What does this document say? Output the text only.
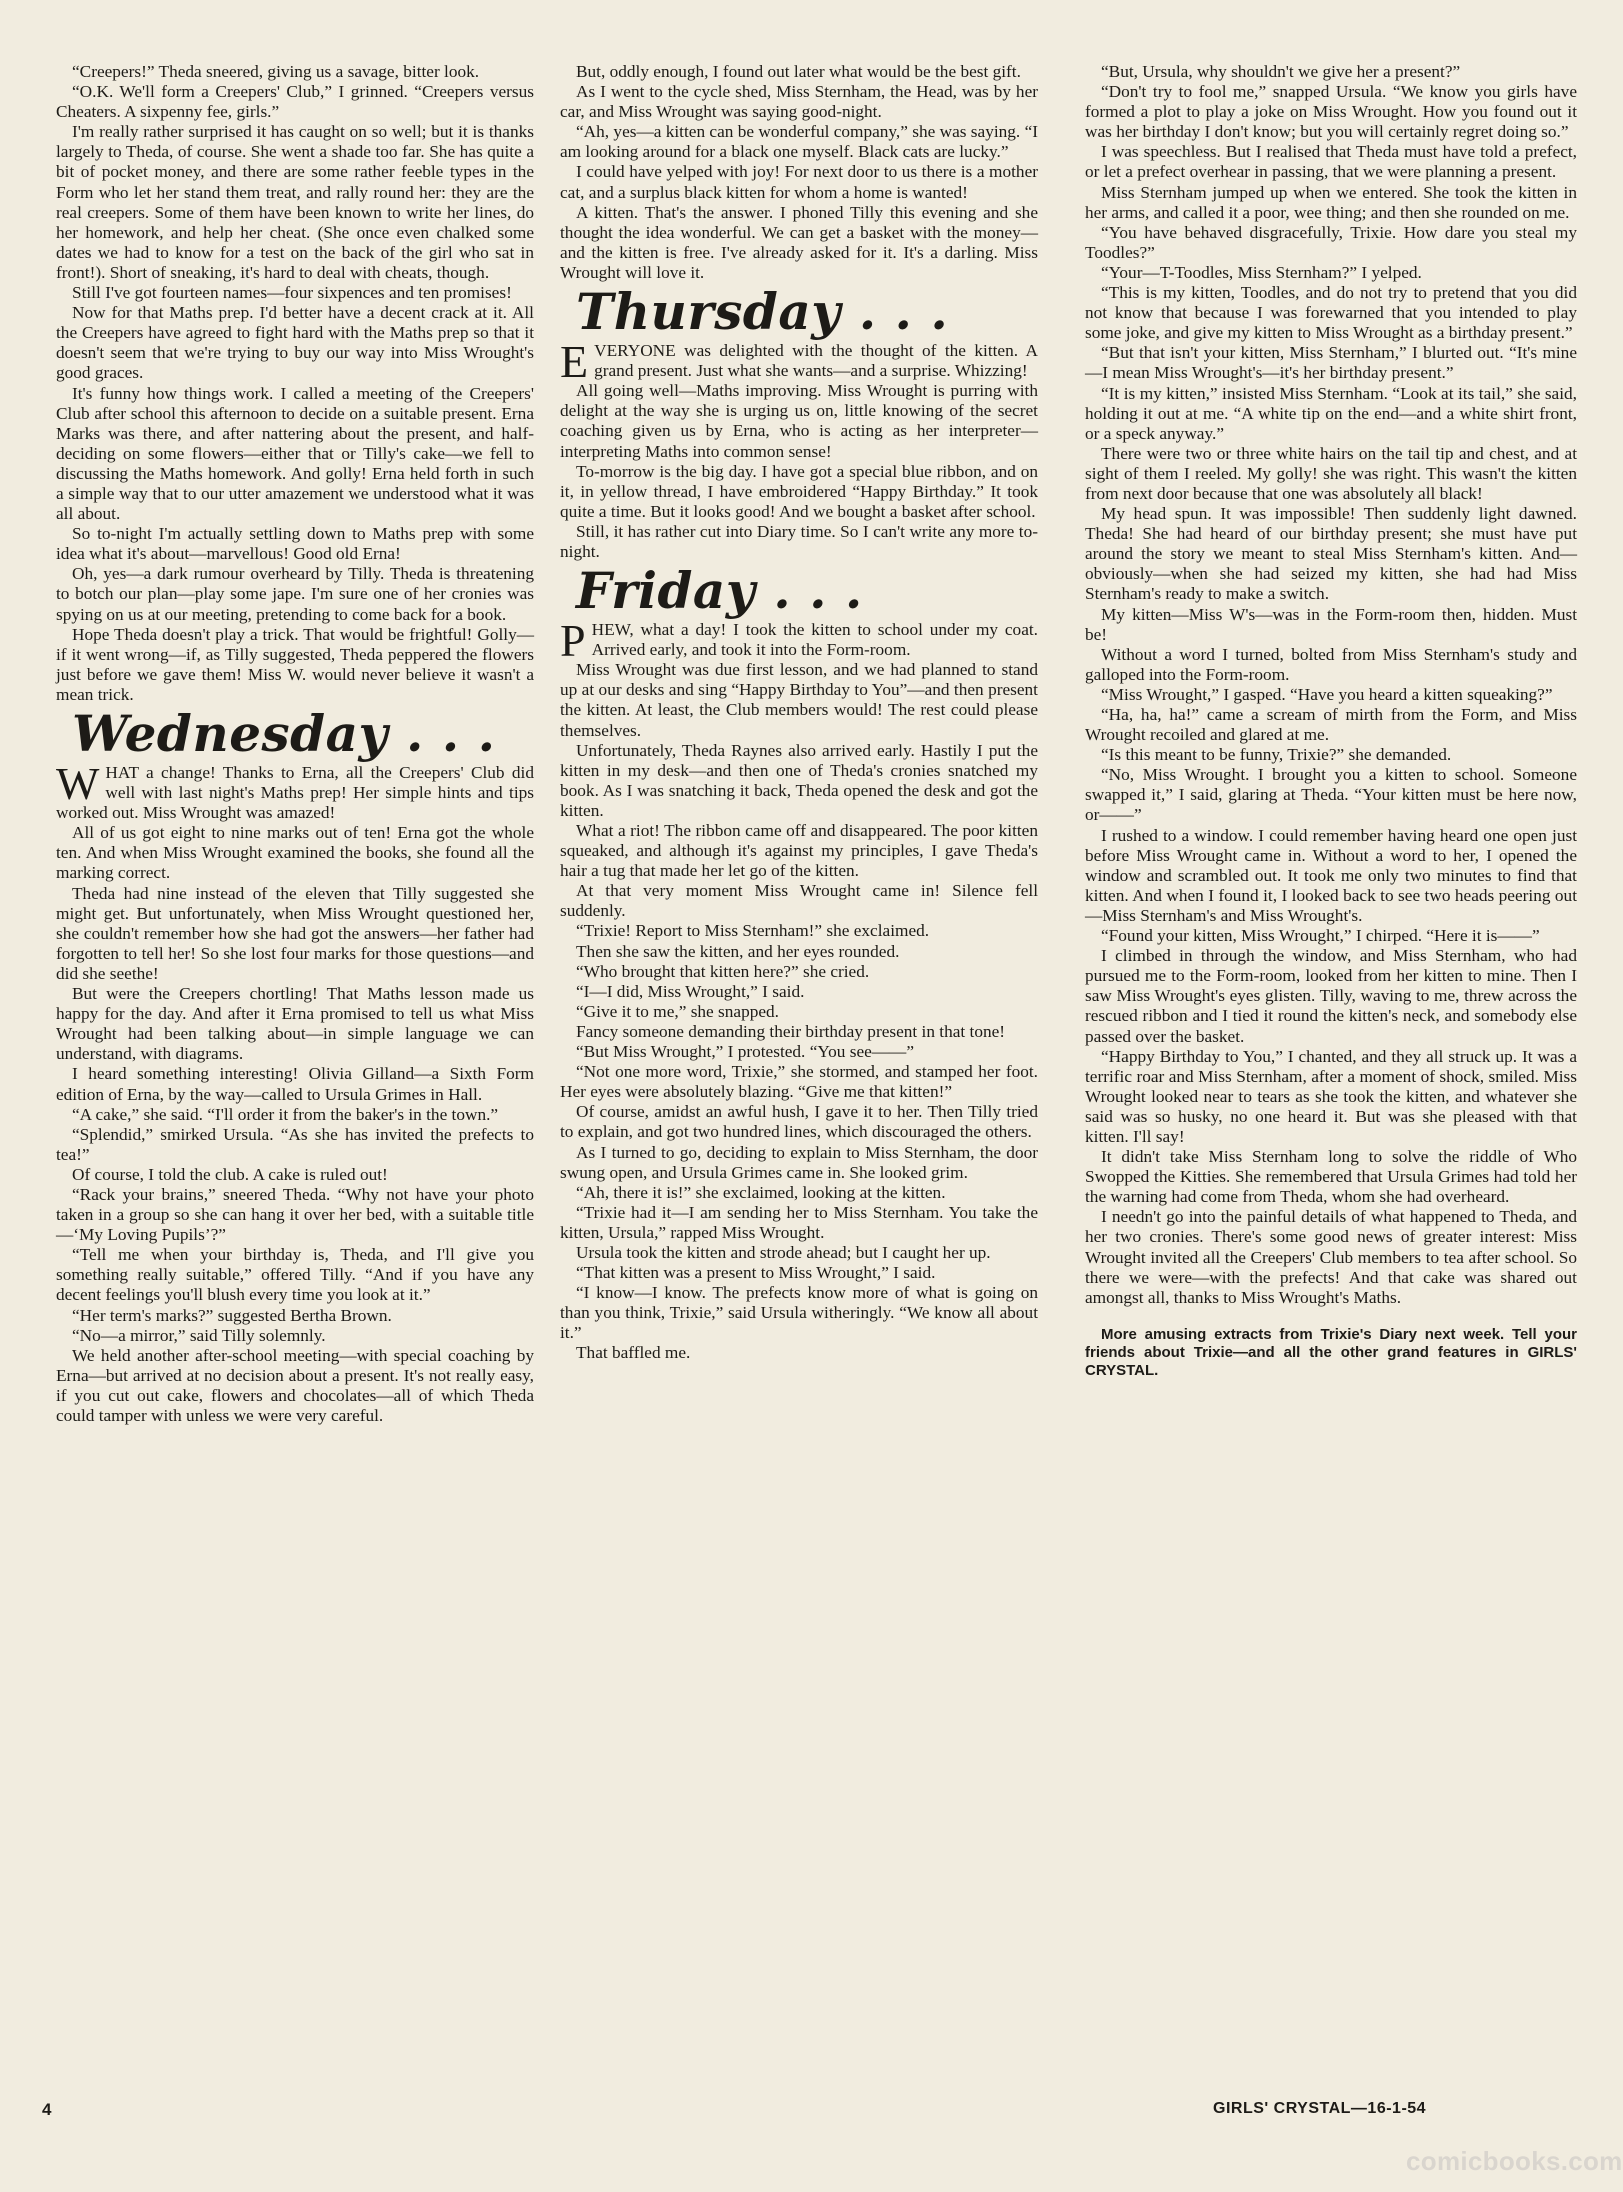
“Creepers!” Theda sneered, giving us a savage, bitter look.

“O.K. We'll form a Creepers' Club,” I grinned. “Creepers versus Cheaters. A sixpenny fee, girls.”

I'm really rather surprised it has caught on so well; but it is thanks largely to Theda, of course. She went a shade too far. She has quite a bit of pocket money, and there are some rather feeble types in the Form who let her stand them treat, and rally round her: they are the real creepers. Some of them have been known to write her lines, do her homework, and help her cheat. (She once even chalked some dates we had to know for a test on the back of the girl who sat in front!). Short of sneaking, it's hard to deal with cheats, though.

Still I've got fourteen names—four sixpences and ten promises!

Now for that Maths prep. I'd better have a decent crack at it. All the Creepers have agreed to fight hard with the Maths prep so that it doesn't seem that we're trying to buy our way into Miss Wrought's good graces.

It's funny how things work. I called a meeting of the Creepers' Club after school this afternoon to decide on a suitable present. Erna Marks was there, and after nattering about the present, and half-deciding on some flowers—either that or Tilly's cake—we fell to discussing the Maths homework. And golly! Erna held forth in such a simple way that to our utter amazement we understood what it was all about.

So to-night I'm actually settling down to Maths prep with some idea what it's about—marvellous! Good old Erna!

Oh, yes—a dark rumour overheard by Tilly. Theda is threatening to botch our plan—play some jape. I'm sure one of her cronies was spying on us at our meeting, pretending to come back for a book.

Hope Theda doesn't play a trick. That would be frightful! Golly—if it went wrong—if, as Tilly suggested, Theda peppered the flowers just before we gave them! Miss W. would never believe it wasn't a mean trick.

Wednesday . . .

WHAT a change! Thanks to Erna, all the Creepers' Club did well with last night's Maths prep! Her simple hints and tips worked out. Miss Wrought was amazed!

All of us got eight to nine marks out of ten! Erna got the whole ten. And when Miss Wrought examined the books, she found all the marking correct.

Theda had nine instead of the eleven that Tilly suggested she might get. But unfortunately, when Miss Wrought questioned her, she couldn't remember how she had got the answers—her father had forgotten to tell her! So she lost four marks for those questions—and did she seethe!

But were the Creepers chortling! That Maths lesson made us happy for the day. And after it Erna promised to tell us what Miss Wrought had been talking about—in simple language we can understand, with diagrams.

I heard something interesting! Olivia Gilland—a Sixth Form edition of Erna, by the way—called to Ursula Grimes in Hall.

“A cake,” she said. “I'll order it from the baker's in the town.”

“Splendid,” smirked Ursula. “As she has invited the prefects to tea!”

Of course, I told the club. A cake is ruled out!

“Rack your brains,” sneered Theda. “Why not have your photo taken in a group so she can hang it over her bed, with a suitable title—‘My Loving Pupils’?”

“Tell me when your birthday is, Theda, and I'll give you something really suitable,” offered Tilly. “And if you have any decent feelings you'll blush every time you look at it.”

“Her term's marks?” suggested Bertha Brown.

“No—a mirror,” said Tilly solemnly.

We held another after-school meeting—with special coaching by Erna—but arrived at no decision about a present. It's not really easy, if you cut out cake, flowers and chocolates—all of which Theda could tamper with unless we were very careful.

But, oddly enough, I found out later what would be the best gift.

As I went to the cycle shed, Miss Sternham, the Head, was by her car, and Miss Wrought was saying good-night.

“Ah, yes—a kitten can be wonderful company,” she was saying. “I am looking around for a black one myself. Black cats are lucky.”

I could have yelped with joy! For next door to us there is a mother cat, and a surplus black kitten for whom a home is wanted!

A kitten. That's the answer. I phoned Tilly this evening and she thought the idea wonderful. We can get a basket with the money—and the kitten is free. I've already asked for it. It's a darling. Miss Wrought will love it.

Thursday . . .

EVERYONE was delighted with the thought of the kitten. A grand present. Just what she wants—and a surprise. Whizzing!

All going well—Maths improving. Miss Wrought is purring with delight at the way she is urging us on, little knowing of the secret coaching given us by Erna, who is acting as her interpreter—interpreting Maths into common sense!

To-morrow is the big day. I have got a special blue ribbon, and on it, in yellow thread, I have embroidered “Happy Birthday.” It took quite a time. But it looks good! And we bought a basket after school.

Still, it has rather cut into Diary time. So I can't write any more to-night.

Friday . . .

PHEW, what a day! I took the kitten to school under my coat. Arrived early, and took it into the Form-room.

Miss Wrought was due first lesson, and we had planned to stand up at our desks and sing “Happy Birthday to You”—and then present the kitten. At least, the Club members would! The rest could please themselves.

Unfortunately, Theda Raynes also arrived early. Hastily I put the kitten in my desk—and then one of Theda's cronies snatched my book. As I was snatching it back, Theda opened the desk and got the kitten.

What a riot! The ribbon came off and disappeared. The poor kitten squeaked, and although it's against my principles, I gave Theda's hair a tug that made her let go of the kitten.

At that very moment Miss Wrought came in! Silence fell suddenly.

“Trixie! Report to Miss Sternham!” she exclaimed.

Then she saw the kitten, and her eyes rounded.

“Who brought that kitten here?” she cried.

“I—I did, Miss Wrought,” I said.

“Give it to me,” she snapped.

Fancy someone demanding their birthday present in that tone!

“But Miss Wrought,” I protested. “You see——”

“Not one more word, Trixie,” she stormed, and stamped her foot. Her eyes were absolutely blazing. “Give me that kitten!”

Of course, amidst an awful hush, I gave it to her. Then Tilly tried to explain, and got two hundred lines, which discouraged the others.

As I turned to go, deciding to explain to Miss Sternham, the door swung open, and Ursula Grimes came in. She looked grim.

“Ah, there it is!” she exclaimed, looking at the kitten.

“Trixie had it—I am sending her to Miss Sternham. You take the kitten, Ursula,” rapped Miss Wrought.

Ursula took the kitten and strode ahead; but I caught her up.

“That kitten was a present to Miss Wrought,” I said.

“I know—I know. The prefects know more of what is going on than you think, Trixie,” said Ursula witheringly. “We know all about it.”

That baffled me.

“But, Ursula, why shouldn't we give her a present?”

“Don't try to fool me,” snapped Ursula. “We know you girls have formed a plot to play a joke on Miss Wrought. How you found out it was her birthday I don't know; but you will certainly regret doing so.”

I was speechless. But I realised that Theda must have told a prefect, or let a prefect overhear in passing, that we were planning a present.

Miss Sternham jumped up when we entered. She took the kitten in her arms, and called it a poor, wee thing; and then she rounded on me.

“You have behaved disgracefully, Trixie. How dare you steal my Toodles?”

“Your—T-Toodles, Miss Sternham?” I yelped.

“This is my kitten, Toodles, and do not try to pretend that you did not know that because I was forewarned that you intended to play some joke, and give my kitten to Miss Wrought as a birthday present.”

“But that isn't your kitten, Miss Sternham,” I blurted out. “It's mine—I mean Miss Wrought's—it's her birthday present.”

“It is my kitten,” insisted Miss Sternham. “Look at its tail,” she said, holding it out at me. “A white tip on the end—and a white shirt front, or a speck anyway.”

There were two or three white hairs on the tail tip and chest, and at sight of them I reeled. My golly! she was right. This wasn't the kitten from next door because that one was absolutely all black!

My head spun. It was impossible! Then suddenly light dawned. Theda! She had heard of our birthday present; she must have put around the story we meant to steal Miss Sternham's kitten. And—obviously—when she had seized my kitten, she had had Miss Sternham's ready to make a switch.

My kitten—Miss W's—was in the Form-room then, hidden. Must be!

Without a word I turned, bolted from Miss Sternham's study and galloped into the Form-room.

“Miss Wrought,” I gasped. “Have you heard a kitten squeaking?”

“Ha, ha, ha!” came a scream of mirth from the Form, and Miss Wrought recoiled and glared at me.

“Is this meant to be funny, Trixie?” she demanded.

“No, Miss Wrought. I brought you a kitten to school. Someone swapped it,” I said, glaring at Theda. “Your kitten must be here now, or——”

I rushed to a window. I could remember having heard one open just before Miss Wrought came in. Without a word to her, I opened the window and scrambled out. It took me only two minutes to find that kitten. And when I found it, I looked back to see two heads peering out—Miss Sternham's and Miss Wrought's.

“Found your kitten, Miss Wrought,” I chirped. “Here it is——”

I climbed in through the window, and Miss Sternham, who had pursued me to the Form-room, looked from her kitten to mine. Then I saw Miss Wrought's eyes glisten. Tilly, waving to me, threw across the rescued ribbon and I tied it round the kitten's neck, and somebody else passed over the basket.

“Happy Birthday to You,” I chanted, and they all struck up. It was a terrific roar and Miss Sternham, after a moment of shock, smiled. Miss Wrought looked near to tears as she took the kitten, and whatever she said was so husky, no one heard it. But was she pleased with that kitten. I'll say!

It didn't take Miss Sternham long to solve the riddle of Who Swopped the Kitties. She remembered that Ursula Grimes had told her the warning had come from Theda, whom she had overheard.

I needn't go into the painful details of what happened to Theda, and her two cronies. There's some good news of greater interest: Miss Wrought invited all the Creepers' Club members to tea after school. So there we were—with the prefects! And that cake was shared out amongst all, thanks to Miss Wrought's Maths.

More amusing extracts from Trixie's Diary next week. Tell your friends about Trixie—and all the other grand features in GIRLS' CRYSTAL.

4	GIRLS' CRYSTAL—16-1-54
comicbooks.com
